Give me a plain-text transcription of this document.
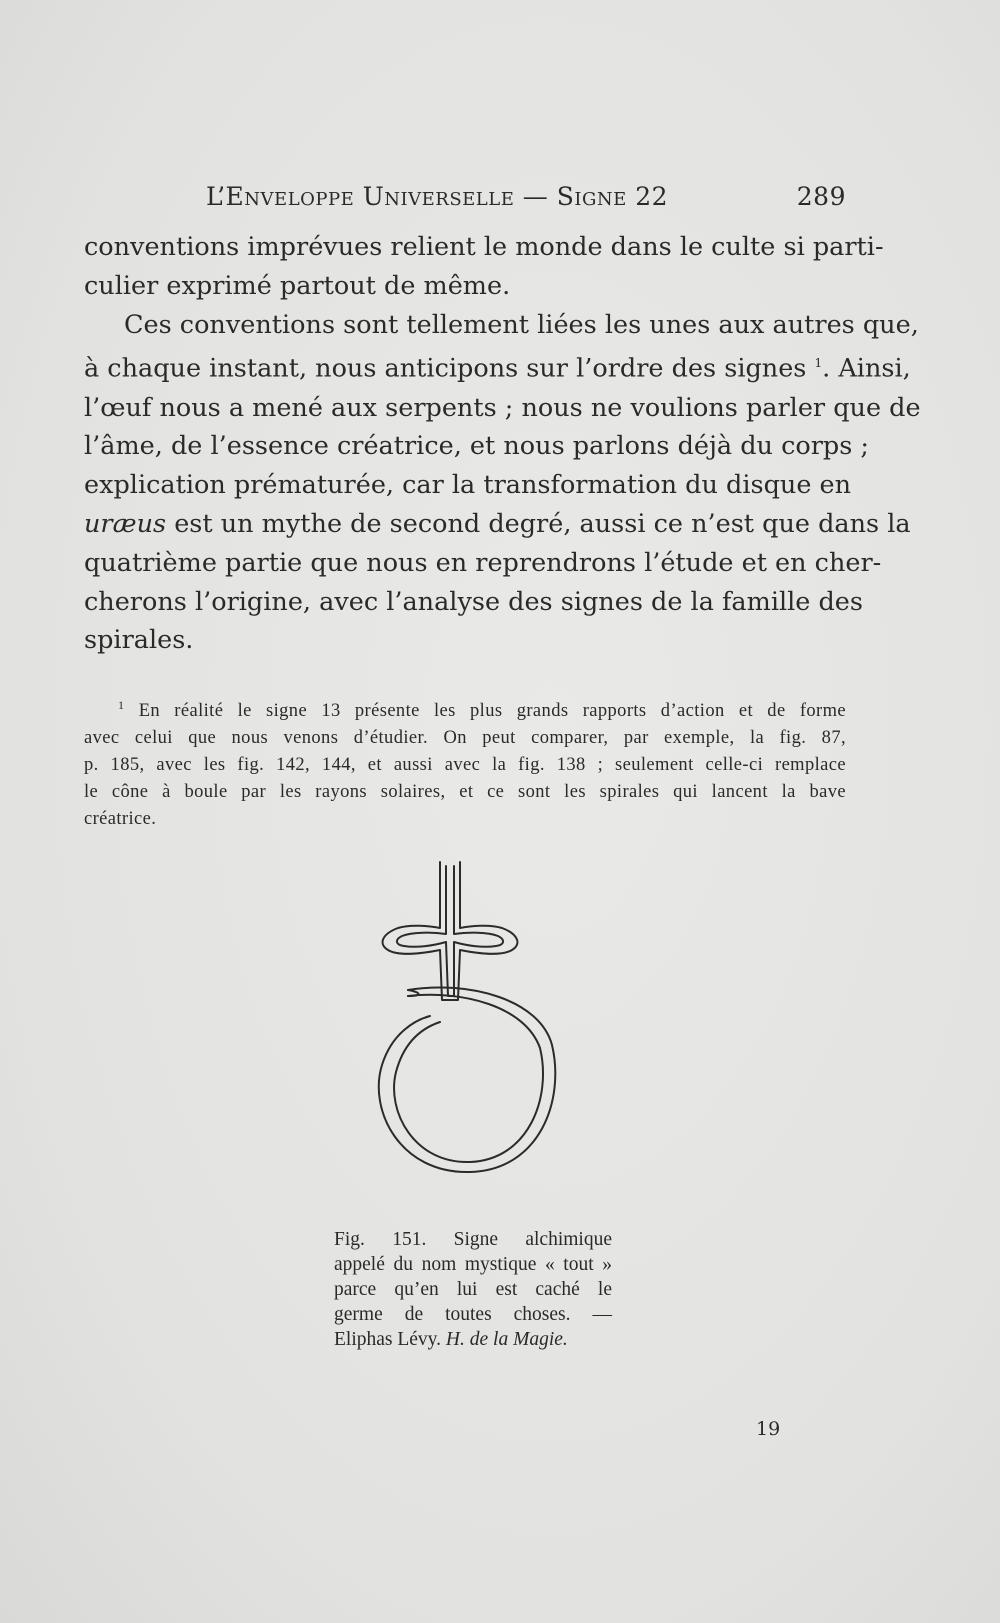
L’Enveloppe Universelle — Signe 22	289
conventions imprévues relient le monde dans le culte si parti-
culier exprimé partout de même.
Ces conventions sont tellement liées les unes aux autres que,
à chaque instant, nous anticipons sur l’ordre des signes $^1$. Ainsi,
l’œuf nous a mené aux serpents ; nous ne voulions parler que de
l’âme, de l’essence créatrice, et nous parlons déjà du corps ;
explication prématurée, car la transformation du disque en
uræus est un mythe de second degré, aussi ce n’est que dans la
quatrième partie que nous en reprendrons l’étude et en cher-
cherons l’origine, avec l’analyse des signes de la famille des
spirales.
$^1$ En réalité le signe 13 présente les plus grands rapports d’action et de forme
avec celui que nous venons d’étudier. On peut comparer, par exemple, la fig. 87,
p. 185, avec les fig. 142, 144, et aussi avec la fig. 138 ; seulement celle-ci remplace
le cône à boule par les rayons solaires, et ce sont les spirales qui lancent la bave
créatrice.
Fig. 151. Signe alchimique
appelé du nom mystique « tout »
parce qu’en lui est caché le
germe de toutes choses. —
Eliphas Lévy. H. de la Magie.
19
